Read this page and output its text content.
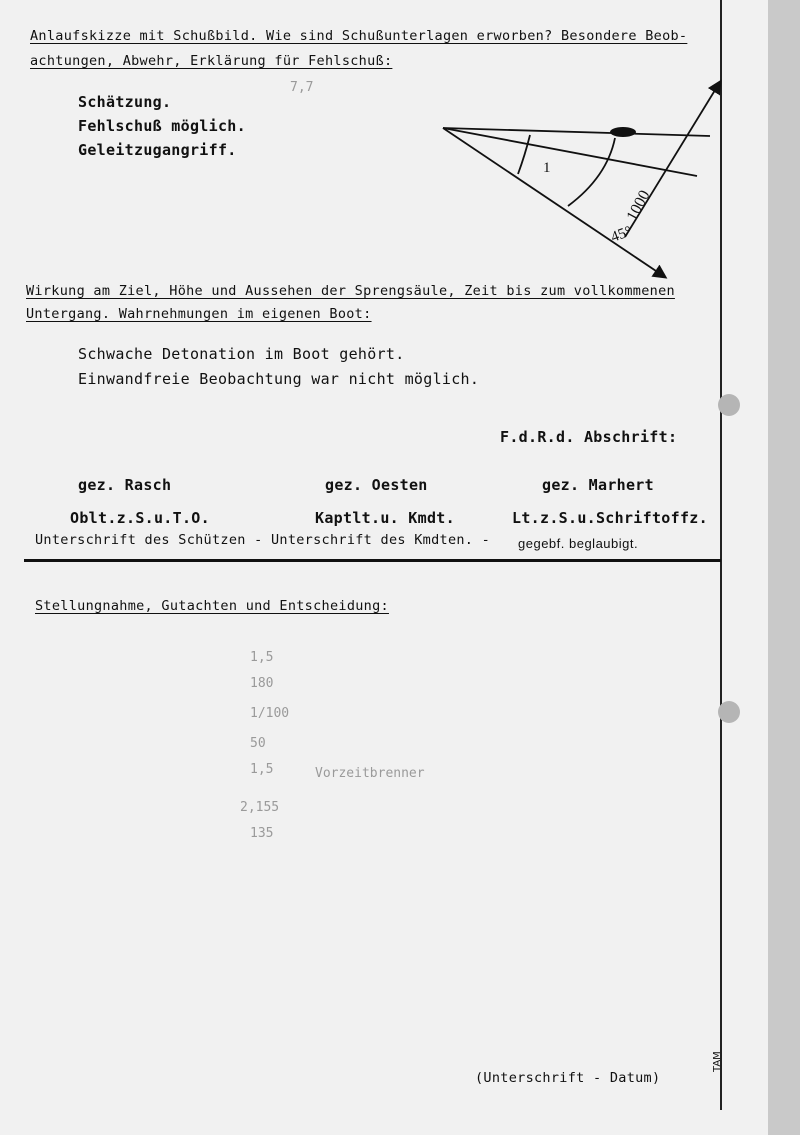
7,7
1,5
180
1/100
50
1,5
135
Vorzeitbrenner
2,155
Anlaufskizze mit Schußbild. Wie sind Schußunterlagen erworben? Besondere Beob-
achtungen, Abwehr, Erklärung für Fehlschuß:
Schätzung.
Fehlschuß möglich.
Geleitzugangriff.
1000
45°
1
Wirkung am Ziel, Höhe und Aussehen der Sprengsäule, Zeit bis zum vollkommenen
Untergang. Wahrnehmungen im eigenen Boot:
Schwache Detonation im Boot gehört.
Einwandfreie Beobachtung war nicht möglich.
F.d.R.d. Abschrift:
gez. Rasch	gez. Oesten	gez. Marhert
Oblt.z.S.u.T.O.	Kaptlt.u. Kmdt.	Lt.z.S.u.Schriftoffz.
Unterschrift des Schützen - Unterschrift des Kmdten. - gegebf. beglaubigt.
Stellungnahme, Gutachten und Entscheidung:
(Unterschrift - Datum)
TAM
